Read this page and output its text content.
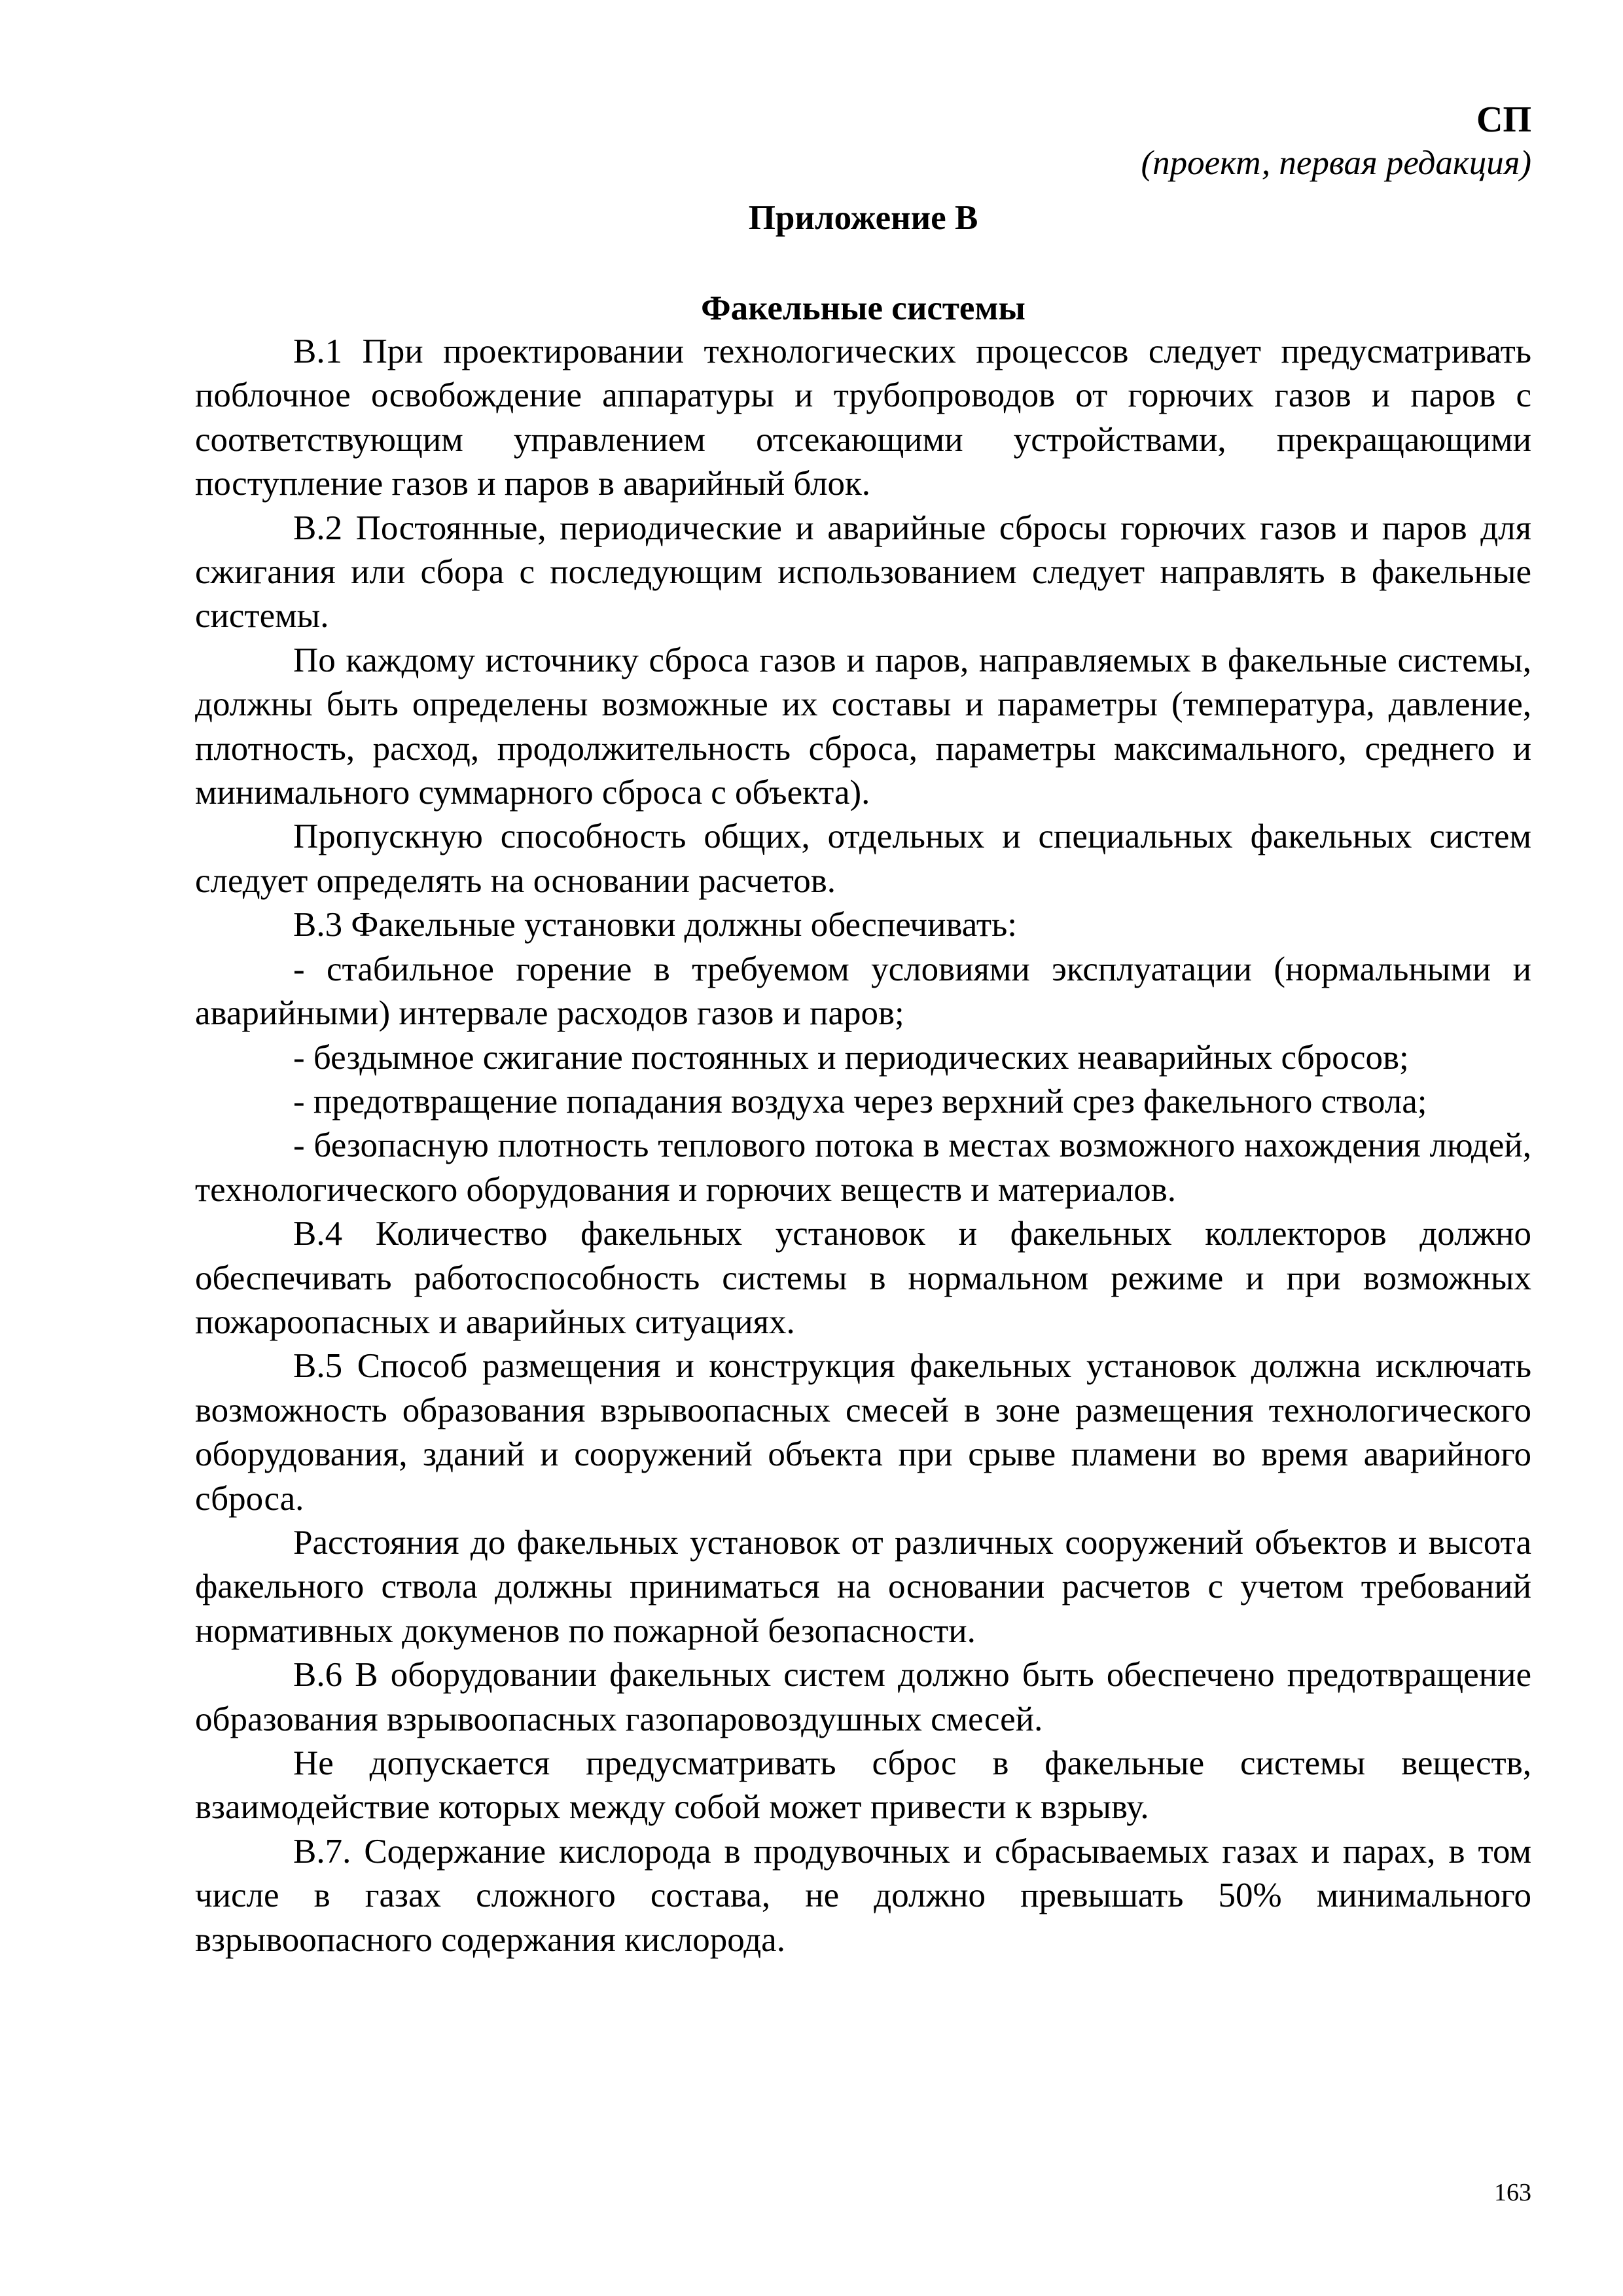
СП
(проект, первая редакция)
Приложение В
Факельные системы

В.1 При проектировании технологических процессов следует предусматривать поблочное освобождение аппаратуры и трубопроводов от горючих газов и паров с соответствующим управлением отсекающими устройствами, прекращающими поступление газов и паров в аварийный блок.

В.2 Постоянные, периодические и аварийные сбросы горючих газов и паров для сжигания или сбора с последующим использованием следует направлять в факельные системы.

По каждому источнику сброса газов и паров, направляемых в факельные системы, должны быть определены возможные их составы и параметры (температура, давление, плотность, расход, продолжительность сброса, параметры максимального, среднего и минимального суммарного сброса с объекта).

Пропускную способность общих, отдельных и специальных факельных систем следует определять на основании расчетов.

В.3 Факельные установки должны обеспечивать:

- стабильное горение в требуемом условиями эксплуатации (нормальными и аварийными) интервале расходов газов и паров;

- бездымное сжигание постоянных и периодических неаварийных сбросов;

- предотвращение попадания воздуха через верхний срез факельного ствола;

- безопасную плотность теплового потока в местах возможного нахождения людей, технологического оборудования и горючих веществ и материалов.

В.4 Количество факельных установок и факельных коллекторов должно обеспечивать работоспособность системы в нормальном режиме и при возможных пожароопасных и аварийных ситуациях.

В.5 Способ размещения и конструкция факельных установок должна исключать возможность образования взрывоопасных смесей в зоне размещения технологического оборудования, зданий и сооружений объекта при срыве пламени во время аварийного сброса.

Расстояния до факельных установок от различных сооружений объектов и высота факельного ствола должны приниматься на основании расчетов с учетом требований нормативных докуменов по пожарной безопасности.

В.6 В оборудовании факельных систем должно быть обеспечено предотвращение образования взрывоопасных газопаровоздушных смесей.

Не допускается предусматривать сброс в факельные системы веществ, взаимодействие которых между собой может привести к взрыву.

В.7. Содержание кислорода в продувочных и сбрасываемых газах и парах, в том числе в газах сложного состава, не должно превышать 50% минимального взрывоопасного содержания кислорода.

163
